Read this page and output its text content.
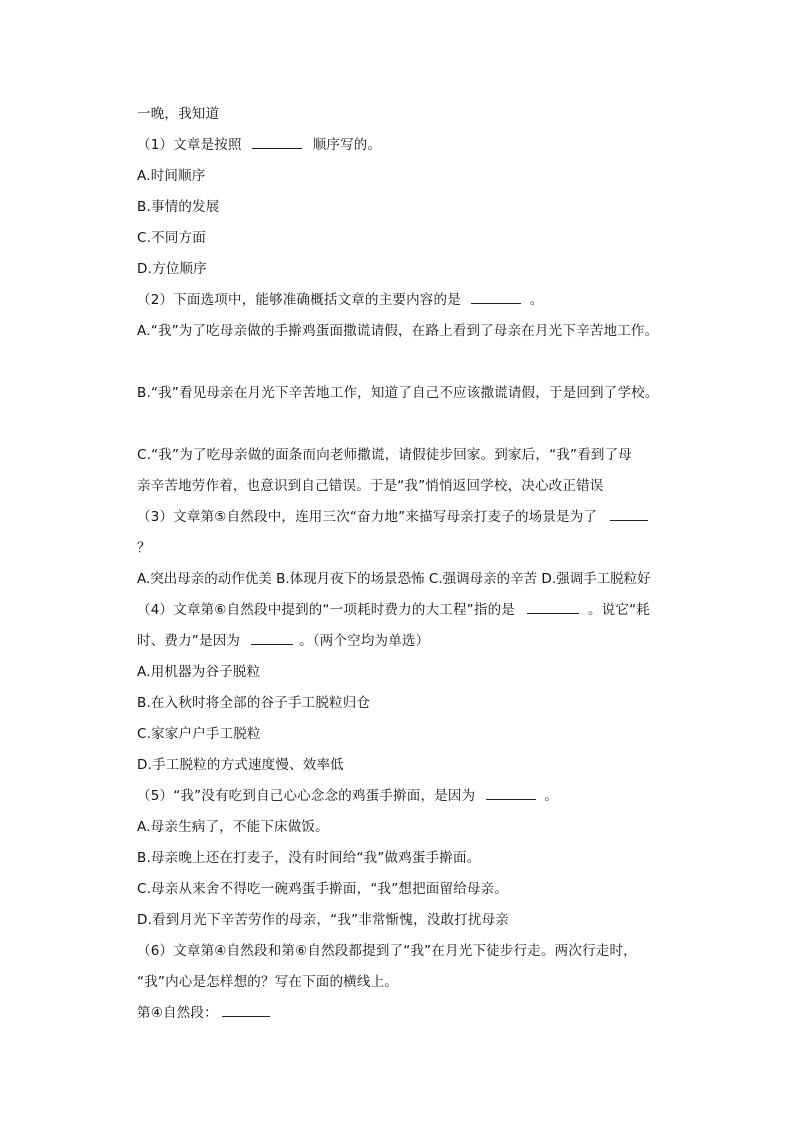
一晚，我知道
（1）文章是按照	顺序写的。
A.时间顺序
B.事情的发展
C.不同方面
D.方位顺序
（2）下面选项中，能够准确概括文章的主要内容的是	。
A.“我”为了吃母亲做的手擀鸡蛋面撒谎请假，在路上看到了母亲在月光下辛苦地工作。
B.“我”看见母亲在月光下辛苦地工作，知道了自己不应该撒谎请假，于是回到了学校。
C.“我”为了吃母亲做的面条而向老师撒谎，请假徒步回家。到家后，“我”看到了母
亲辛苦地劳作着，也意识到自己错误。于是“我”悄悄返回学校，决心改正错误
（3）文章第⑤自然段中，连用三次“奋力地”来描写母亲打麦子的场景是为了
？
A.突出母亲的动作优美 B.体现月夜下的场景恐怖 C.强调母亲的辛苦 D.强调手工脱粒好
（4）文章第⑥自然段中提到的“一项耗时费力的大工程”指的是	。说它“耗
时、费力”是因为	。（两个空均为单选）
A.用机器为谷子脱粒
B.在入秋时将全部的谷子手工脱粒归仓
C.家家户户手工脱粒
D.手工脱粒的方式速度慢、效率低
（5）“我”没有吃到自己心心念念的鸡蛋手擀面，是因为	。
A.母亲生病了，不能下床做饭。
B.母亲晚上还在打麦子，没有时间给“我”做鸡蛋手擀面。
C.母亲从来舍不得吃一碗鸡蛋手擀面，“我”想把面留给母亲。
D.看到月光下辛苦劳作的母亲，“我”非常惭愧，没敢打扰母亲
（6）文章第④自然段和第⑥自然段都提到了“我”在月光下徒步行走。两次行走时，
“我”内心是怎样想的？写在下面的横线上。
第④自然段：
